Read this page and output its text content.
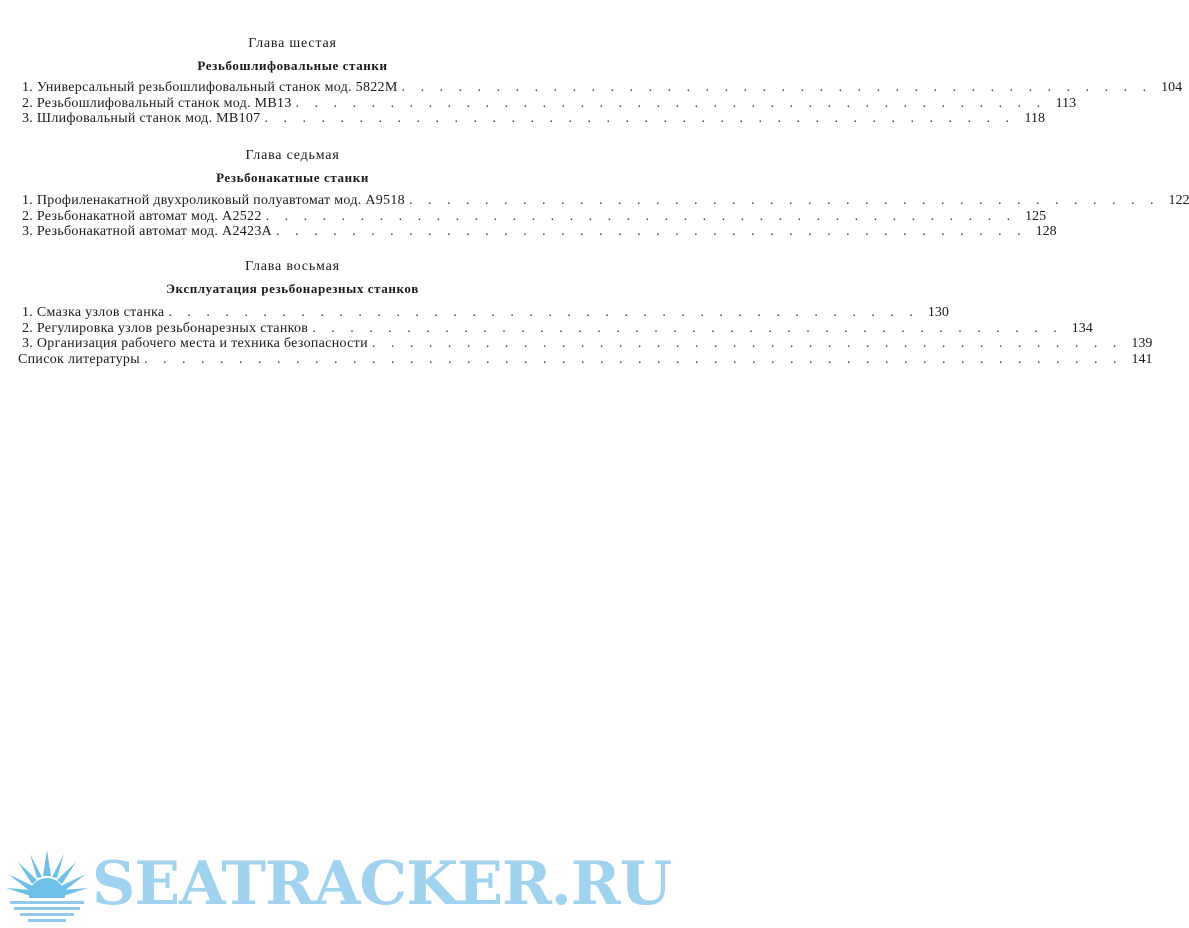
Глава шестая

Резьбошлифовальные станки

1. Универсальный резьбошлифовальный станок мод. 5822М . . . . . . . . . . . . . . . . . . . . . . . . . . . . . . . . . . . . . . . . 104
2. Резьбошлифовальный станок мод. МВ13 . . . . . . . . . . . . . . . . . . . . . . . . . . . . . . . . . . . . . . . . 113
3. Шлифовальный станок мод. МВ107 . . . . . . . . . . . . . . . . . . . . . . . . . . . . . . . . . . . . . . . . 118

Глава седьмая

Резьбонакатные станки

1. Профиленакатной двухроликовый полуавтомат мод. А9518 . . . . . . . . . . . . . . . . . . . . . . . . . . . . . . . . . . . . . . . . 122
2. Резьбонакатной автомат мод. А2522 . . . . . . . . . . . . . . . . . . . . . . . . . . . . . . . . . . . . . . . . 125
3. Резьбонакатной автомат мод. А2423А . . . . . . . . . . . . . . . . . . . . . . . . . . . . . . . . . . . . . . . . 128

Глава восьмая

Эксплуатация резьбонарезных станков

1. Смазка узлов станка . . . . . . . . . . . . . . . . . . . . . . . . . . . . . . . . . . . . . . . . 130
2. Регулировка узлов резьбонарезных станков . . . . . . . . . . . . . . . . . . . . . . . . . . . . . . . . . . . . . . . . 134
3. Организация рабочего места и техника безопасности . . . . . . . . . . . . . . . . . . . . . . . . . . . . . . . . . . . . . . . . 139
Список литературы . . . . . . . . . . . . . . . . . . . . . . . . . . . . . . . . . . . . . . . . . . . . . . . . . . . . 141
SEATRACKER.RU
